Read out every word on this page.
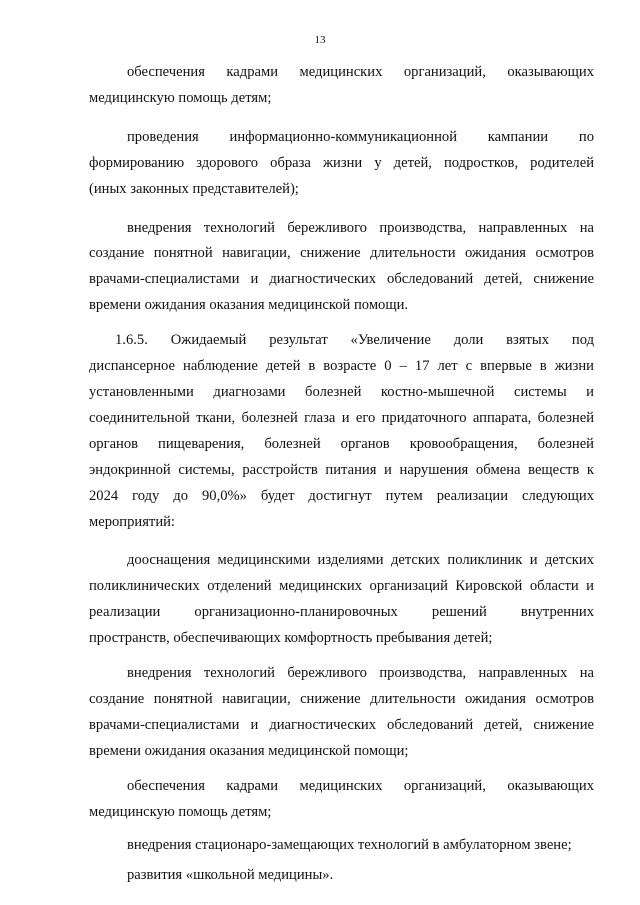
13
обеспечения кадрами медицинских организаций, оказывающих
медицинскую помощь детям;
проведения информационно-коммуникационной кампании по
формированию здорового образа жизни у детей, подростков, родителей
(иных законных представителей);
внедрения технологий бережливого производства, направленных на
создание понятной навигации, снижение длительности ожидания осмотров
врачами-специалистами и диагностических обследований детей, снижение
времени ожидания оказания медицинской помощи.
1.6.5. Ожидаемый результат «Увеличение доли взятых под
диспансерное наблюдение детей в возрасте 0 – 17 лет с впервые в жизни
установленными диагнозами болезней костно-мышечной системы и
соединительной ткани, болезней глаза и его придаточного аппарата, болезней
органов пищеварения, болезней органов кровообращения, болезней
эндокринной системы, расстройств питания и нарушения обмена веществ к
2024 году до 90,0%» будет достигнут путем реализации следующих
мероприятий:
дооснащения медицинскими изделиями детских поликлиник и детских
поликлинических отделений медицинских организаций Кировской области и
реализации организационно-планировочных решений внутренних
пространств, обеспечивающих комфортность пребывания детей;
внедрения технологий бережливого производства, направленных на
создание понятной навигации, снижение длительности ожидания осмотров
врачами-специалистами и диагностических обследований детей, снижение
времени ожидания оказания медицинской помощи;
обеспечения кадрами медицинских организаций, оказывающих
медицинскую помощь детям;
внедрения стационаро-замещающих технологий в амбулаторном звене;
развития «школьной медицины».
